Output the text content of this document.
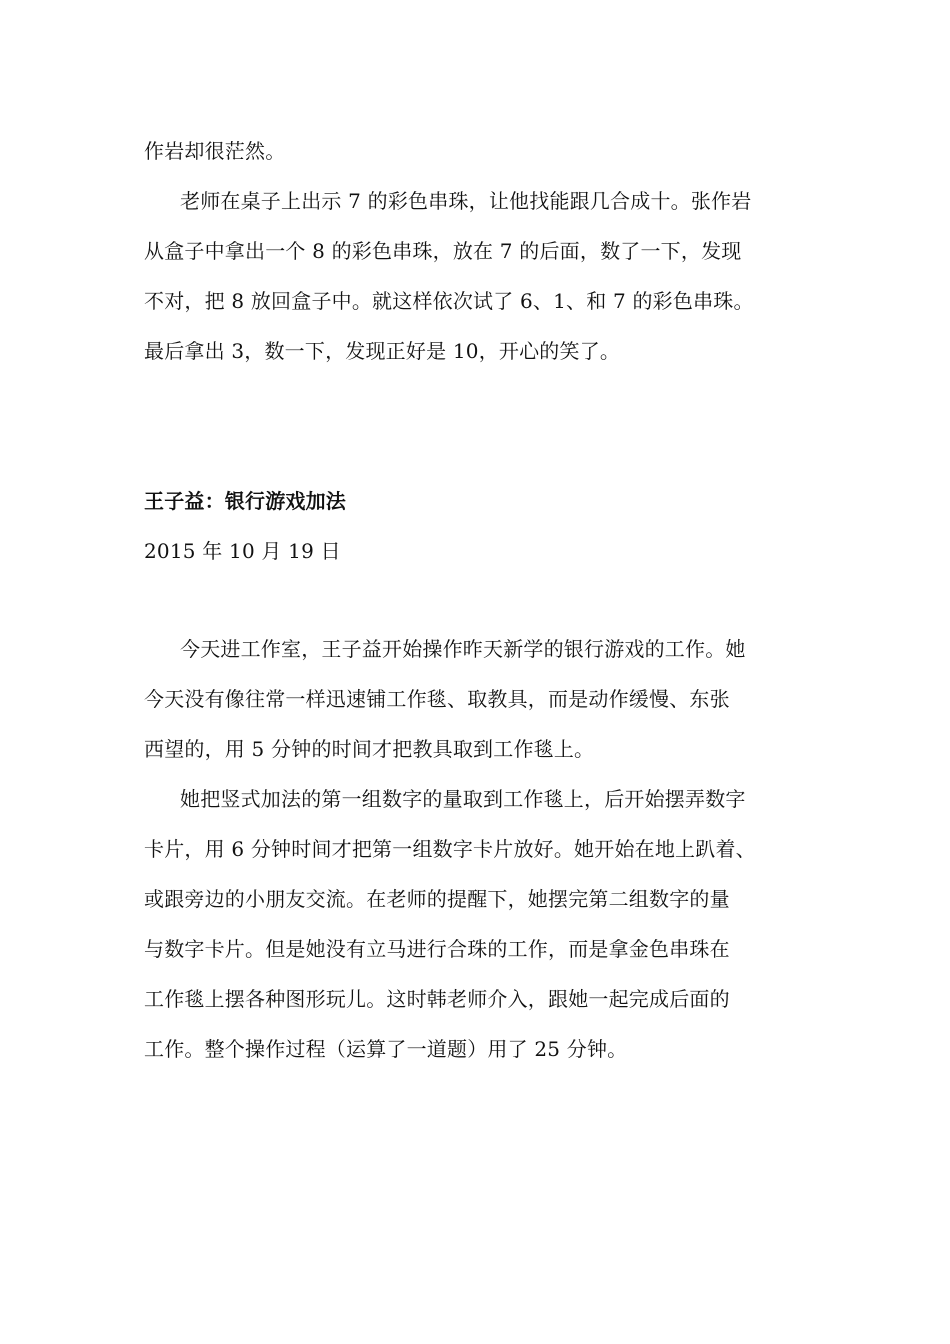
作岩却很茫然。
老师在桌子上出示 7 的彩色串珠，让他找能跟几合成十。张作岩
从盒子中拿出一个 8 的彩色串珠，放在 7 的后面，数了一下，发现
不对，把 8 放回盒子中。就这样依次试了 6、1、和 7 的彩色串珠。
最后拿出 3，数一下，发现正好是 10，开心的笑了。
王子益：银行游戏加法
2015 年 10 月 19 日
今天进工作室，王子益开始操作昨天新学的银行游戏的工作。她
今天没有像往常一样迅速铺工作毯、取教具，而是动作缓慢、东张
西望的，用 5 分钟的时间才把教具取到工作毯上。
她把竖式加法的第一组数字的量取到工作毯上，后开始摆弄数字
卡片，用 6 分钟时间才把第一组数字卡片放好。她开始在地上趴着、
或跟旁边的小朋友交流。在老师的提醒下，她摆完第二组数字的量
与数字卡片。但是她没有立马进行合珠的工作，而是拿金色串珠在
工作毯上摆各种图形玩儿。这时韩老师介入，跟她一起完成后面的
工作。整个操作过程（运算了一道题）用了 25 分钟。
